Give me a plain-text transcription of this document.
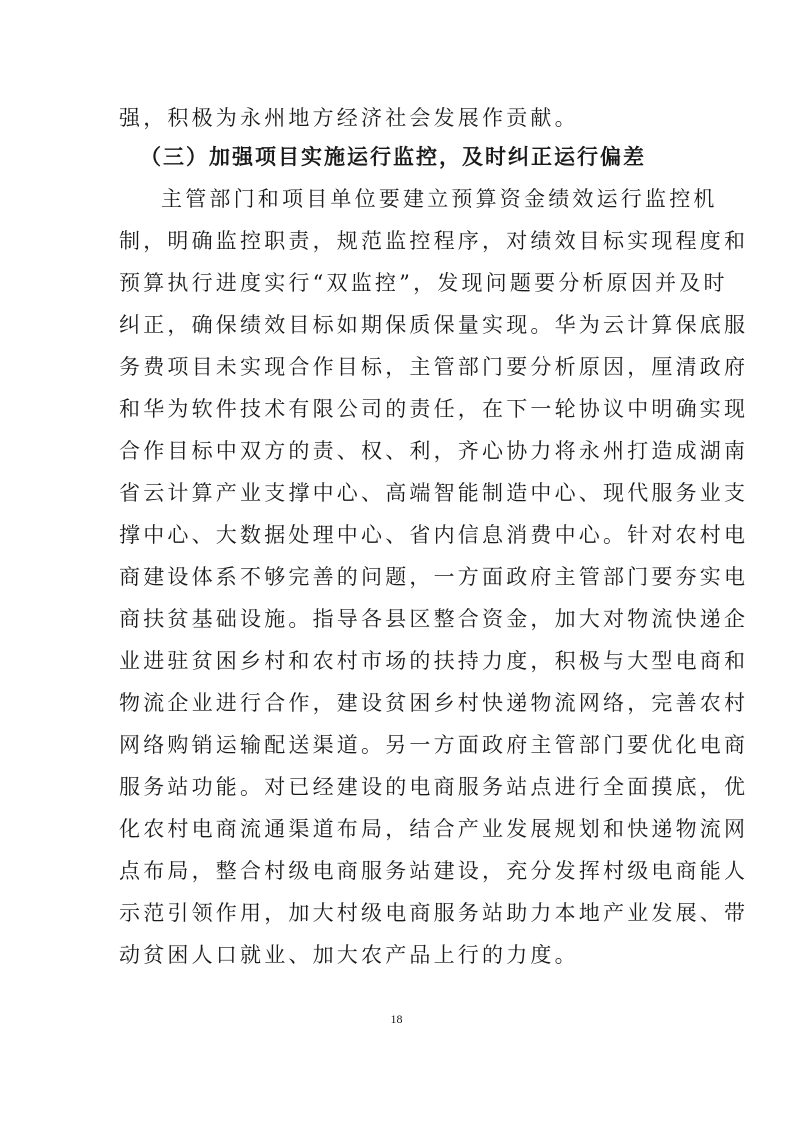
强，积极为永州地方经济社会发展作贡献。
（三）加强项目实施运行监控，及时纠正运行偏差
主管部门和项目单位要建立预算资金绩效运行监控机
制，明确监控职责，规范监控程序，对绩效目标实现程度和
预算执行进度实行“双监控”，发现问题要分析原因并及时
纠正，确保绩效目标如期保质保量实现。华为云计算保底服
务费项目未实现合作目标，主管部门要分析原因，厘清政府
和华为软件技术有限公司的责任，在下一轮协议中明确实现
合作目标中双方的责、权、利，齐心协力将永州打造成湖南
省云计算产业支撑中心、高端智能制造中心、现代服务业支
撑中心、大数据处理中心、省内信息消费中心。针对农村电
商建设体系不够完善的问题，一方面政府主管部门要夯实电
商扶贫基础设施。指导各县区整合资金，加大对物流快递企
业进驻贫困乡村和农村市场的扶持力度，积极与大型电商和
物流企业进行合作，建设贫困乡村快递物流网络，完善农村
网络购销运输配送渠道。另一方面政府主管部门要优化电商
服务站功能。对已经建设的电商服务站点进行全面摸底，优
化农村电商流通渠道布局，结合产业发展规划和快递物流网
点布局，整合村级电商服务站建设，充分发挥村级电商能人
示范引领作用，加大村级电商服务站助力本地产业发展、带
动贫困人口就业、加大农产品上行的力度。
18
